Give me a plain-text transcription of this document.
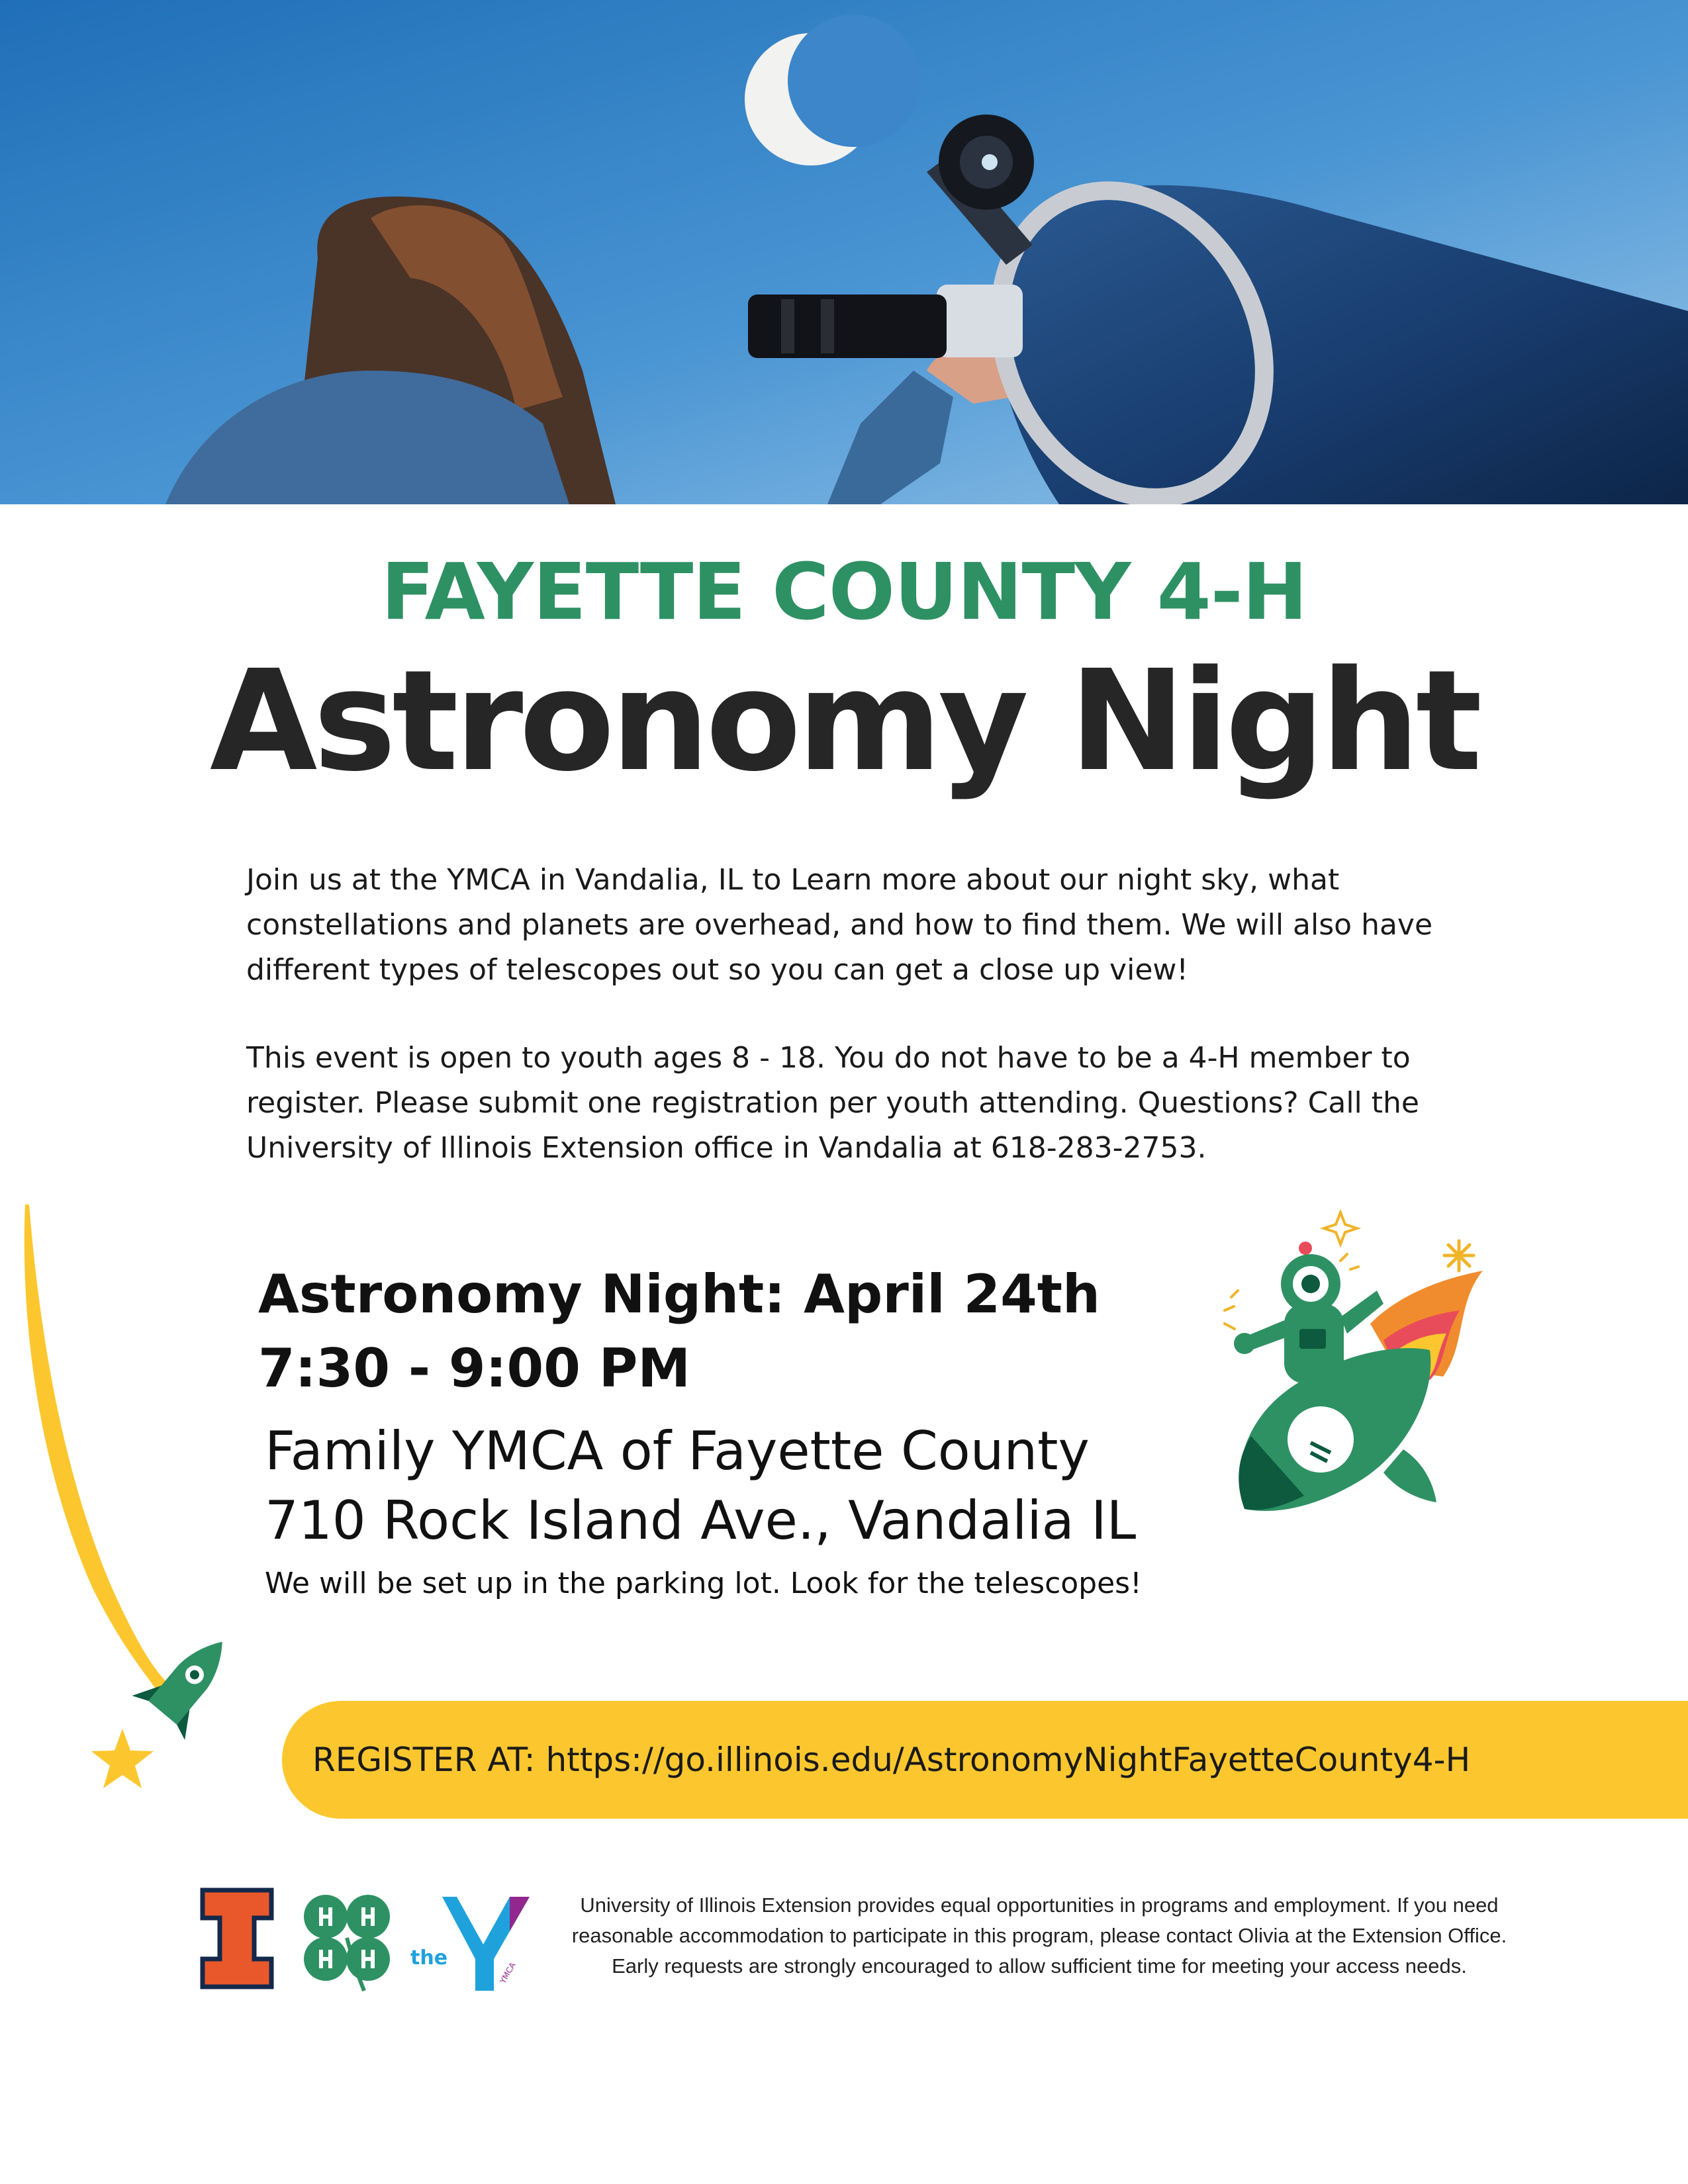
FAYETTE COUNTY 4-H
Astronomy Night

Join us at the YMCA in Vandalia, IL to Learn more about our night sky, what constellations and planets are overhead, and how to find them. We will also have different types of telescopes out so you can get a close up view!

This event is open to youth ages 8 - 18. You do not have to be a 4-H member to register. Please submit one registration per youth attending. Questions? Call the University of Illinois Extension office in Vandalia at 618-283-2753.

Astronomy Night: April 24th
7:30 - 9:00 PM
Family YMCA of Fayette County
710 Rock Island Ave., Vandalia IL
We will be set up in the parking lot. Look for the telescopes!
REGISTER AT: https://go.illinois.edu/AstronomyNightFayetteCounty4-H
the
YMCA

University of Illinois Extension provides equal opportunities in programs and employment. If you need reasonable accommodation to participate in this program, please contact Olivia at the Extension Office. Early requests are strongly encouraged to allow sufficient time for meeting your access needs.
